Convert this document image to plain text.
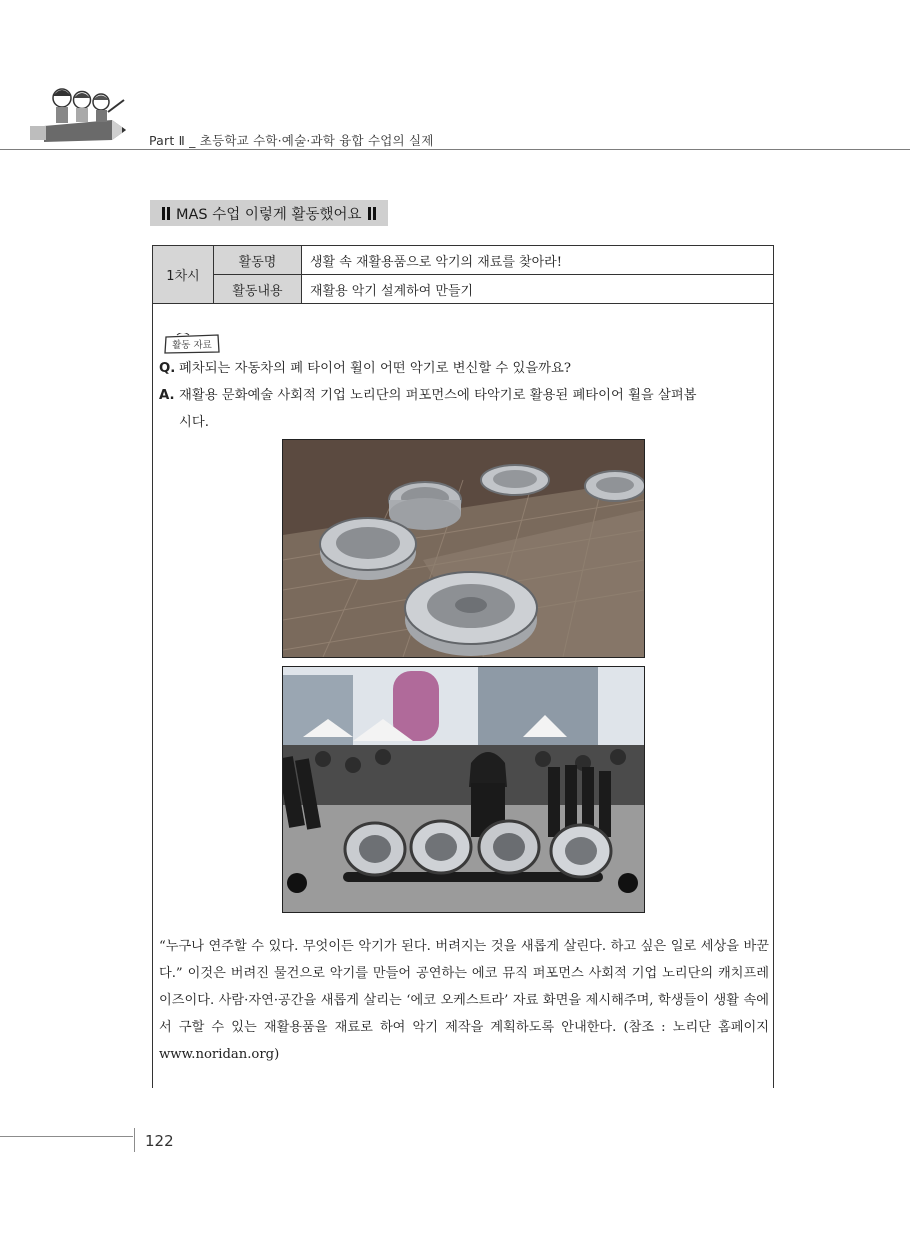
Part Ⅱ _ 초등학교 수학·예술·과학 융합 수업의 실제
MAS 수업 이렇게 활동했어요
1차시	활동명	생활 속 재활용품으로 악기의 재료를 찾아라!
	활동내용	재활용 악기 설계하여 만들기
활동 자료
Q. 폐차되는 자동차의 폐 타이어 휠이 어떤 악기로 변신할 수 있을까요?
A. 재활용 문화예술 사회적 기업 노리단의 퍼포먼스에 타악기로 활용된 폐타이어 휠을 살펴봅
시다.
“누구나 연주할 수 있다. 무엇이든 악기가 된다. 버려지는 것을 새롭게 살린다. 하고 싶은 일로 세상을 바꾼다.” 이것은 버려진 물건으로 악기를 만들어 공연하는 에코 뮤직 퍼포먼스 사회적 기업 노리단의 캐치프레이즈이다. 사람·자연·공간을 새롭게 살리는 ‘에코 오케스트라’ 자료 화면을 제시해주며, 학생들이 생활 속에서 구할 수 있는 재활용품을 재료로 하여 악기 제작을 계획하도록 안내한다. (참조 : 노리단 홈페이지 www.noridan.org)
122
